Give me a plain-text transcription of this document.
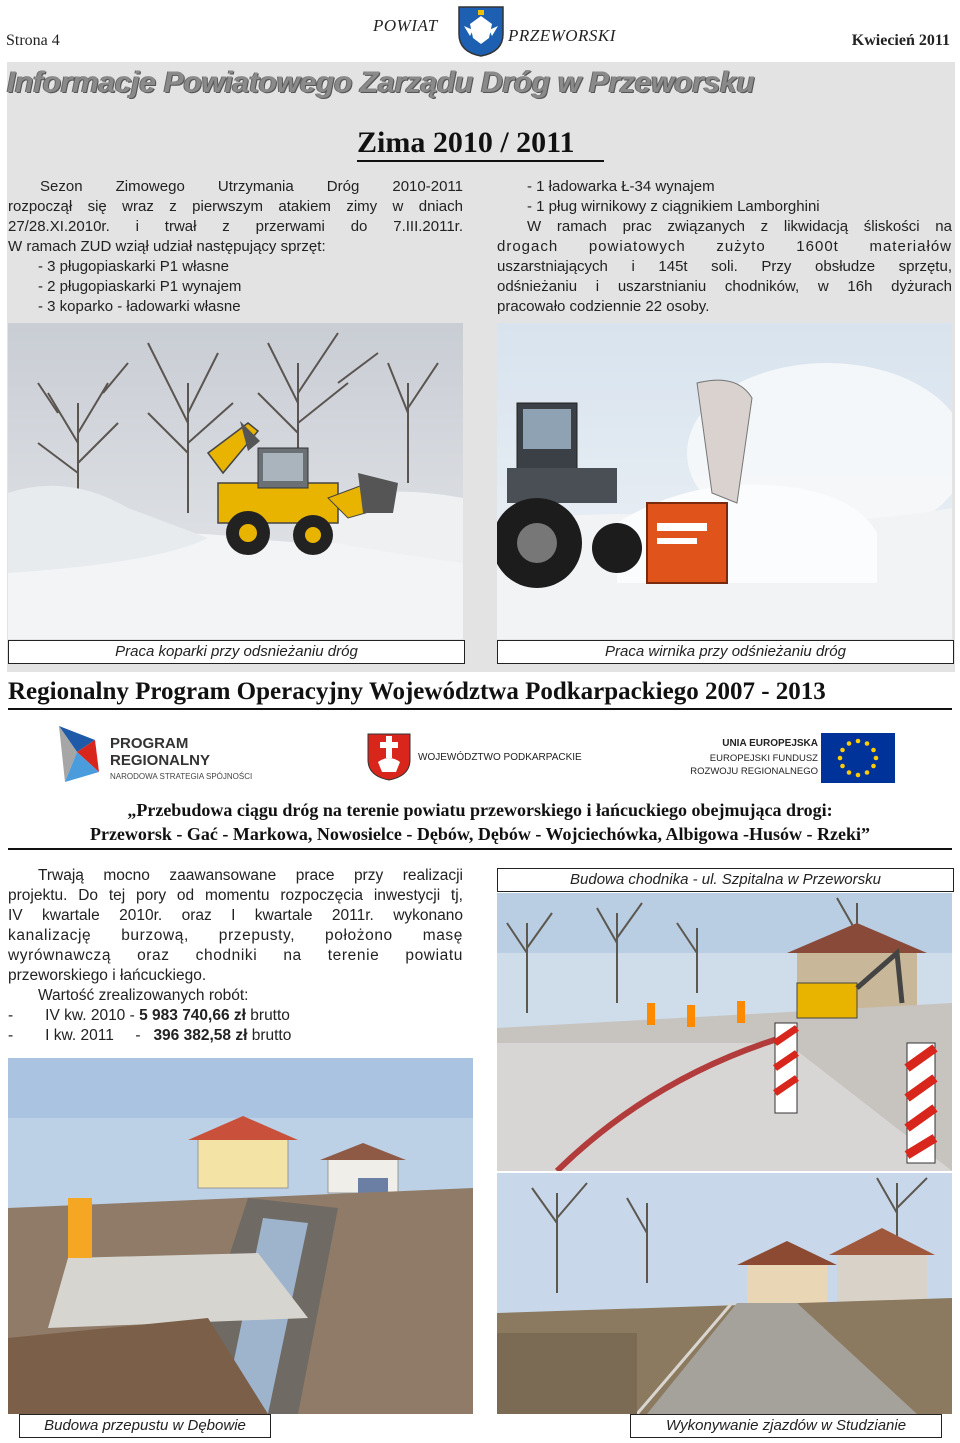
Strona 4
POWIAT
PRZEWORSKI	Kwiecień 2011
Informacje Powiatowego Zarządu Dróg w Przeworsku
Zima 2010 / 2011
Sezon Zimowego Utrzymania Dróg 2010-2011
rozpoczął się wraz z pierwszym atakiem zimy w dniach
27/28.XI.2010r. i trwał z przerwami do 7.III.2011r.
W ramach ZUD wziął udział następujący sprzęt:
- 3 pługopiaskarki P1 własne
- 2 pługopiaskarki P1 wynajem
- 3 koparko - ładowarki własne
- 1 ładowarka Ł-34 wynajem
- 1 pług wirnikowy z ciągnikiem Lamborghini
W ramach prac związanych z likwidacją śliskości na
drogach powiatowych zużyto 1600t materiałów
uszarstniających i 145t soli. Przy obsłudze sprzętu,
odśnieżaniu i uszarstnianiu chodników, w 16h dyżurach
pracowało codziennie 22 osoby.
Praca koparki przy odsnieżaniu dróg	Praca wirnika przy odśnieżaniu dróg
Regionalny Program Operacyjny Województwa Podkarpackiego 2007 - 2013
PROGRAM
REGIONALNY
NARODOWA STRATEGIA SPÓJNOŚCI
WOJEWÓDZTWO PODKARPACKIE
UNIA EUROPEJSKA
EUROPEJSKI FUNDUSZ
ROZWOJU REGIONALNEGO
„Przebudowa ciągu dróg na terenie powiatu przeworskiego i łańcuckiego obejmująca drogi:
Przeworsk - Gać - Markowa, Nowosielce - Dębów, Dębów - Wojciechówka, Albigowa -Husów - Rzeki”
Trwają mocno zaawansowane prace przy realizacji
projektu. Do tej pory od momentu rozpoczęcia inwestycji tj,
IV kwartale 2010r. oraz I kwartale 2011r. wykonano
kanalizację burzową, przepusty, położono masę
wyrównawczą oraz chodniki na terenie powiatu
przeworskiego i łańcuckiego.
Wartość zrealizowanych robót:
- IV kw. 2010 - 5 983 740,66 zł brutto
- I kw. 2011     - 396 382,58 zł brutto
Budowa chodnika - ul. Szpitalna w Przeworsku
Budowa przepustu w Dębowie	Wykonywanie zjazdów w Studzianie
